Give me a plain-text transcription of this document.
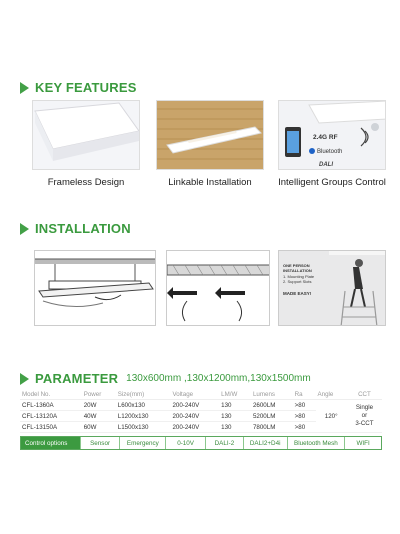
KEY FEATURES
Frameless Design	Linkable Installation
2.4G RF
Bluetooth
DALI
Intelligent Groups Control
INSTALLATION
ONE PERSON INSTALLATION
1. Mounting Plate
2. Support Slots
MADE EASY!
PARAMETER 130x600mm ,130x1200mm,130x1500mm
Model No.	Power	Size(mm)	Voltage	LM/W	Lumens	Ra	Angle	CCT
CFL-1360A	20W	L600x130	200-240V	130	2600LM	>80	120°	Single
or
3-CCT

CFL-13120A	40W	L1200x130	200-240V	130	5200LM	>80		
CFL-13150A	60W	L1500x130	200-240V	130	7800LM	>80		
Control options	Sensor	Emergency	0-10V	DALI-2	DALI2+D4i	Bluetooth Mesh	WIFI
